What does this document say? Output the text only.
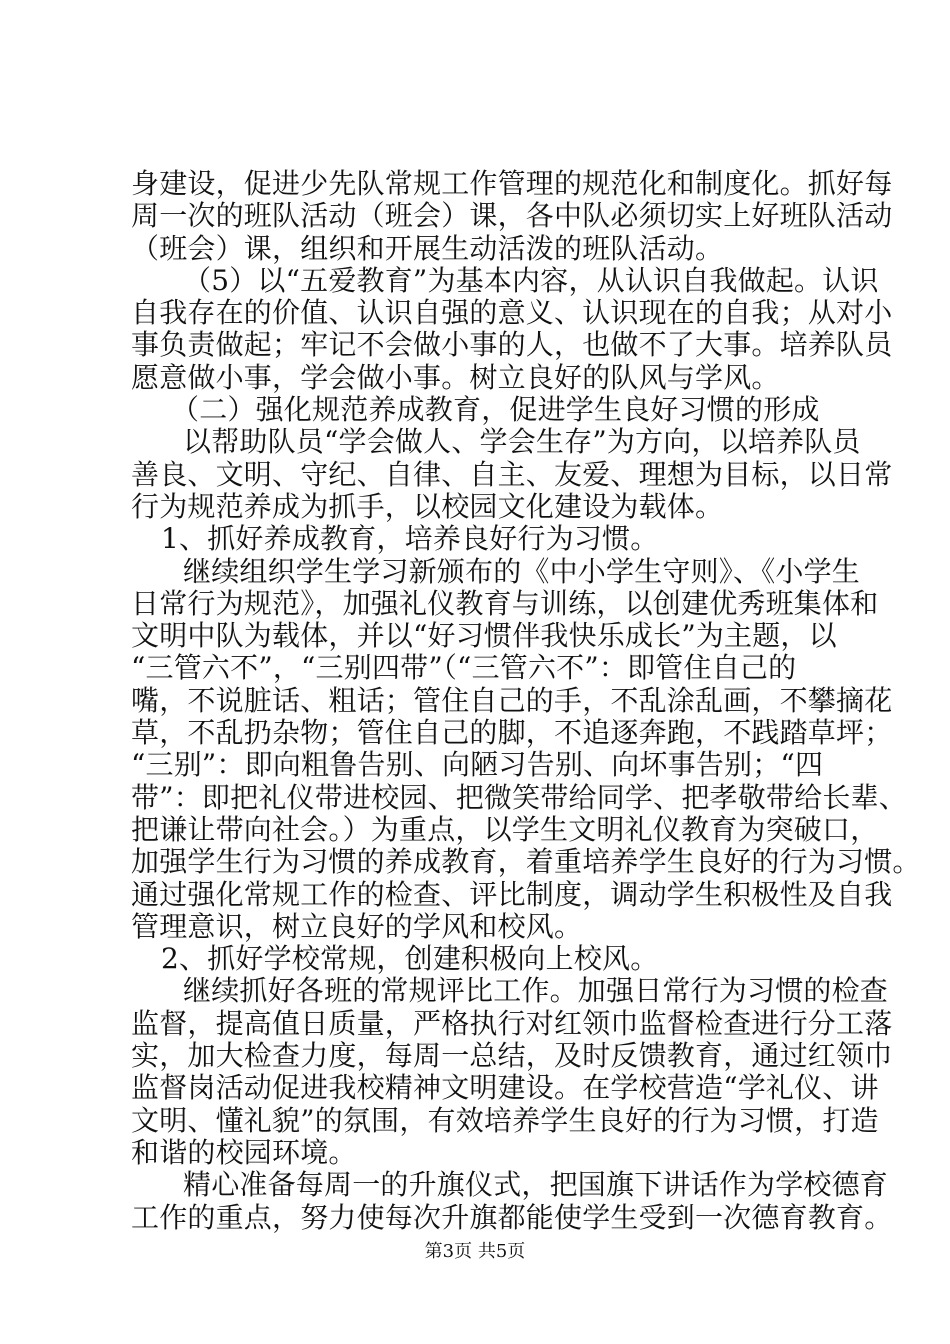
身建设，促进少先队常规工作管理的规范化和制度化。抓好每
周一次的班队活动（班会）课，各中队必须切实上好班队活动
（班会）课，组织和开展生动活泼的班队活动。
（5）以“五爱教育”为基本内容，从认识自我做起。认识
自我存在的价值、认识自强的意义、认识现在的自我；从对小
事负责做起；牢记不会做小事的人，也做不了大事。培养队员
愿意做小事，学会做小事。树立良好的队风与学风。
（二）强化规范养成教育，促进学生良好习惯的形成
以帮助队员“学会做人、学会生存”为方向，以培养队员
善良、文明、守纪、自律、自主、友爱、理想为目标，以日常
行为规范养成为抓手，以校园文化建设为载体。
1、抓好养成教育，培养良好行为习惯。
继续组织学生学习新颁布的《中小学生守则》、《小学生
日常行为规范》，加强礼仪教育与训练，以创建优秀班集体和
文明中队为载体，并以“好习惯伴我快乐成长”为主题，以
“三管六不”，“三别四带”（“三管六不”：即管住自己的
嘴，不说脏话、粗话；管住自己的手，不乱涂乱画，不攀摘花
草，不乱扔杂物；管住自己的脚，不追逐奔跑，不践踏草坪；
“三别”：即向粗鲁告别、向陋习告别、向坏事告别；“四
带”：即把礼仪带进校园、把微笑带给同学、把孝敬带给长辈、
把谦让带向社会。）为重点，以学生文明礼仪教育为突破口，
加强学生行为习惯的养成教育，着重培养学生良好的行为习惯。
通过强化常规工作的检查、评比制度，调动学生积极性及自我
管理意识，树立良好的学风和校风。
2、抓好学校常规，创建积极向上校风。
继续抓好各班的常规评比工作。加强日常行为习惯的检查
监督，提高值日质量，严格执行对红领巾监督检查进行分工落
实，加大检查力度，每周一总结，及时反馈教育，通过红领巾
监督岗活动促进我校精神文明建设。在学校营造“学礼仪、讲
文明、懂礼貌”的氛围，有效培养学生良好的行为习惯，打造
和谐的校园环境。
精心准备每周一的升旗仪式，把国旗下讲话作为学校德育
工作的重点，努力使每次升旗都能使学生受到一次德育教育。
第3页 共5页
